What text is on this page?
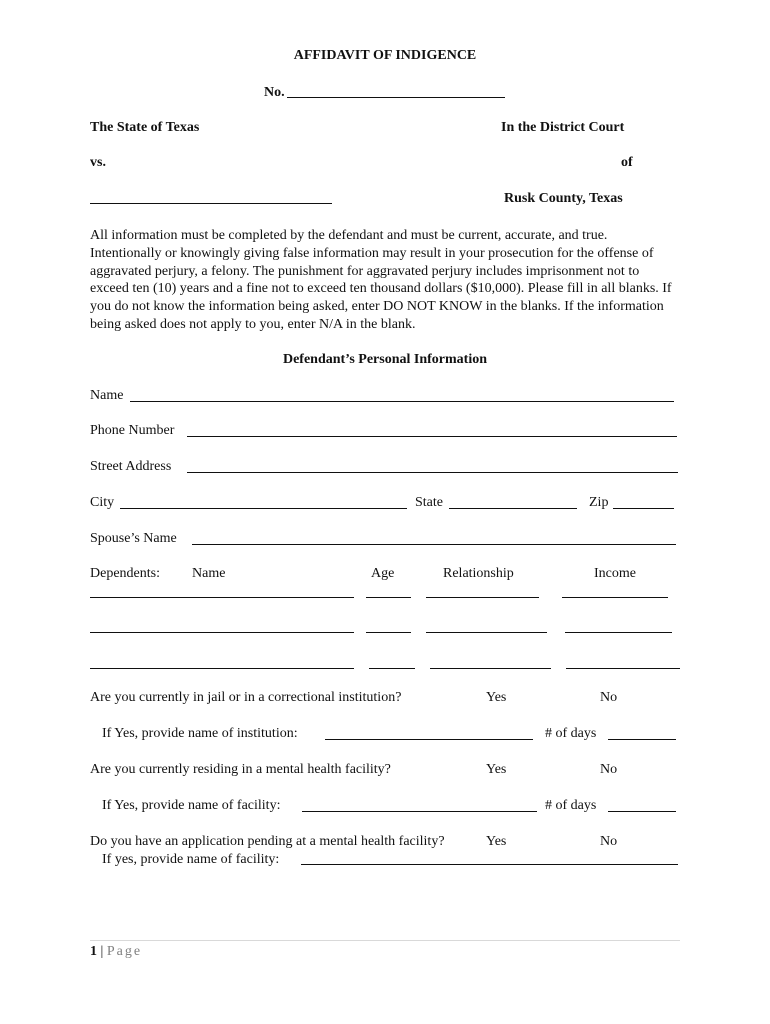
AFFIDAVIT OF INDIGENCE
No.
The State of Texas	In the District Court
vs.	of
Rusk County, Texas
All information must be completed by the defendant and must be current, accurate, and true. Intentionally or knowingly giving false information may result in your prosecution for the offense of aggravated perjury, a felony. The punishment for aggravated perjury includes imprisonment not to exceed ten (10) years and a fine not to exceed ten thousand dollars ($10,000). Please fill in all blanks. If you do not know the information being asked, enter DO NOT KNOW in the blanks. If the information being asked does not apply to you, enter N/A in the blank.
Defendant’s Personal Information
Name
Phone Number
Street Address
City	State	Zip
Spouse’s Name
Dependents: Name	Age	Relationship	Income
Are you currently in jail or in a correctional institution?	Yes	No
If Yes, provide name of institution:	# of days
Are you currently residing in a mental health facility?	Yes	No
If Yes, provide name of facility:	# of days
Do you have an application pending at a mental health facility?	Yes	No
If yes, provide name of facility:
1 | Page
